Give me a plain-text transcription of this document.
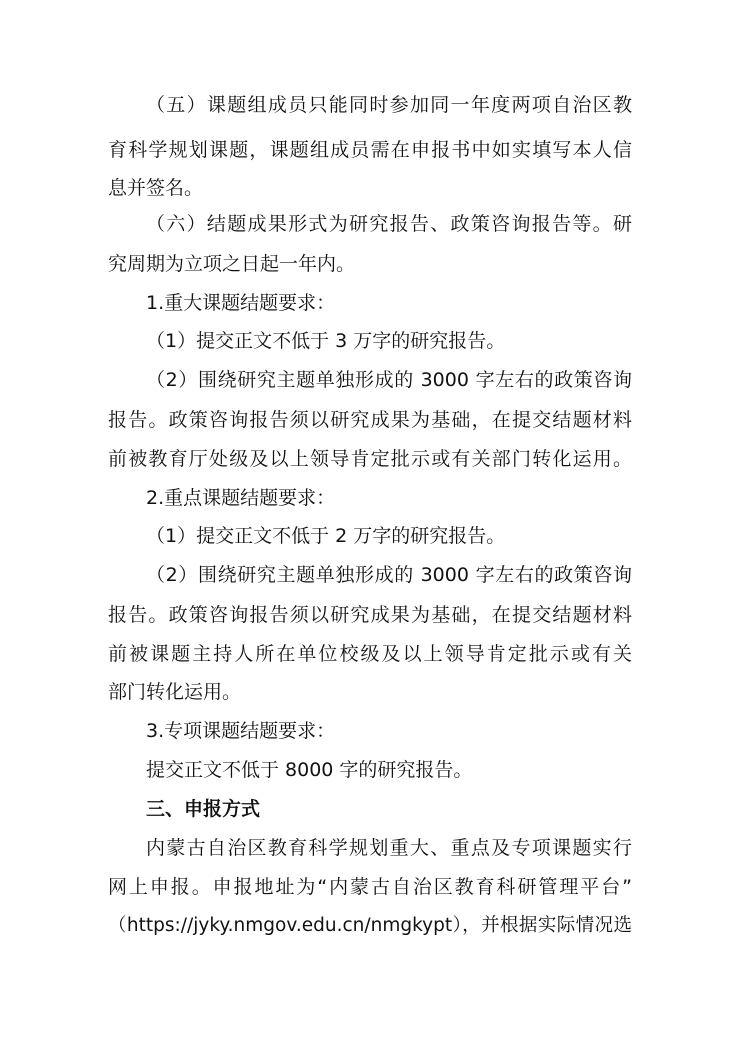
（五）课题组成员只能同时参加同一年度两项自治区教
育科学规划课题，课题组成员需在申报书中如实填写本人信
息并签名。
（六）结题成果形式为研究报告、政策咨询报告等。研
究周期为立项之日起一年内。
1.重大课题结题要求：
（1）提交正文不低于 3 万字的研究报告。
（2）围绕研究主题单独形成的 3000 字左右的政策咨询
报告。政策咨询报告须以研究成果为基础，在提交结题材料
前被教育厅处级及以上领导肯定批示或有关部门转化运用。
2.重点课题结题要求：
（1）提交正文不低于 2 万字的研究报告。
（2）围绕研究主题单独形成的 3000 字左右的政策咨询
报告。政策咨询报告须以研究成果为基础，在提交结题材料
前被课题主持人所在单位校级及以上领导肯定批示或有关
部门转化运用。
3.专项课题结题要求：
提交正文不低于 8000 字的研究报告。
三、申报方式
内蒙古自治区教育科学规划重大、重点及专项课题实行
网上申报。申报地址为“内蒙古自治区教育科研管理平台”
（https://jyky.nmgov.edu.cn/nmgkypt），并根据实际情况选
